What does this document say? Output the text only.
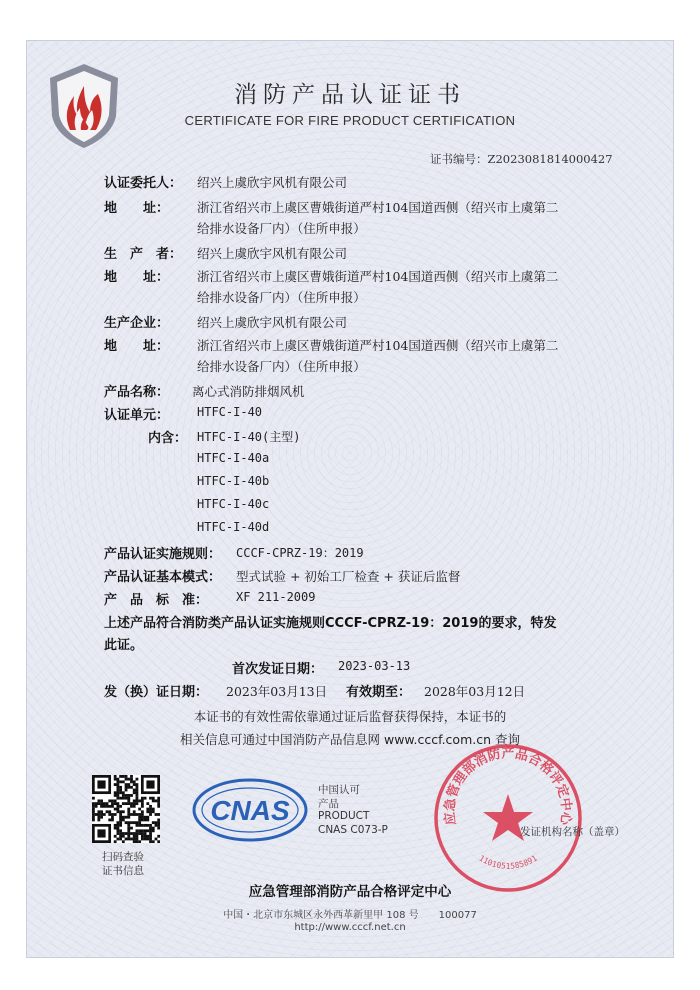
消防产品认证证书
CERTIFICATE FOR FIRE PRODUCT CERTIFICATION
证书编号：Z2023081814000427
认证委托人： 绍兴上虞欣宇风机有限公司
地　　址： 浙江省绍兴市上虞区曹娥街道严村104国道西侧（绍兴市上虞第二
给排水设备厂内）（住所申报）
生　产　者： 绍兴上虞欣宇风机有限公司
地　　址： 浙江省绍兴市上虞区曹娥街道严村104国道西侧（绍兴市上虞第二
给排水设备厂内）（住所申报）
生产企业： 绍兴上虞欣宇风机有限公司
地　　址： 浙江省绍兴市上虞区曹娥街道严村104国道西侧（绍兴市上虞第二
给排水设备厂内）（住所申报）
产品名称： 离心式消防排烟风机
认证单元： HTFC-I-40
内含： HTFC-I-40(主型)
HTFC-I-40a
HTFC-I-40b
HTFC-I-40c
HTFC-I-40d
产品认证实施规则： CCCF-CPRZ-19：2019
产品认证基本模式： 型式试验 + 初始工厂检查 + 获证后监督
产　品　标　准： XF 211-2009
上述产品符合消防类产品认证实施规则CCCF-CPRZ-19：2019的要求，特发
此证。
首次发证日期： 2023-03-13
发（换）证日期： 2023年03月13日 有效期至： 2028年03月12日
本证书的有效性需依靠通过证后监督获得保持，本证书的
相关信息可通过中国消防产品信息网 www.cccf.com.cn 查询
扫码查验
证书信息
CNAS
中国认可
产品
PRODUCT
CNAS C073-P
应急管理部消防产品合格评定中心
1101051585891
发证机构名称（盖章）
应急管理部消防产品合格评定中心
中国・北京市东城区永外西革新里甲 108 号　　100077
http://www.cccf.net.cn
